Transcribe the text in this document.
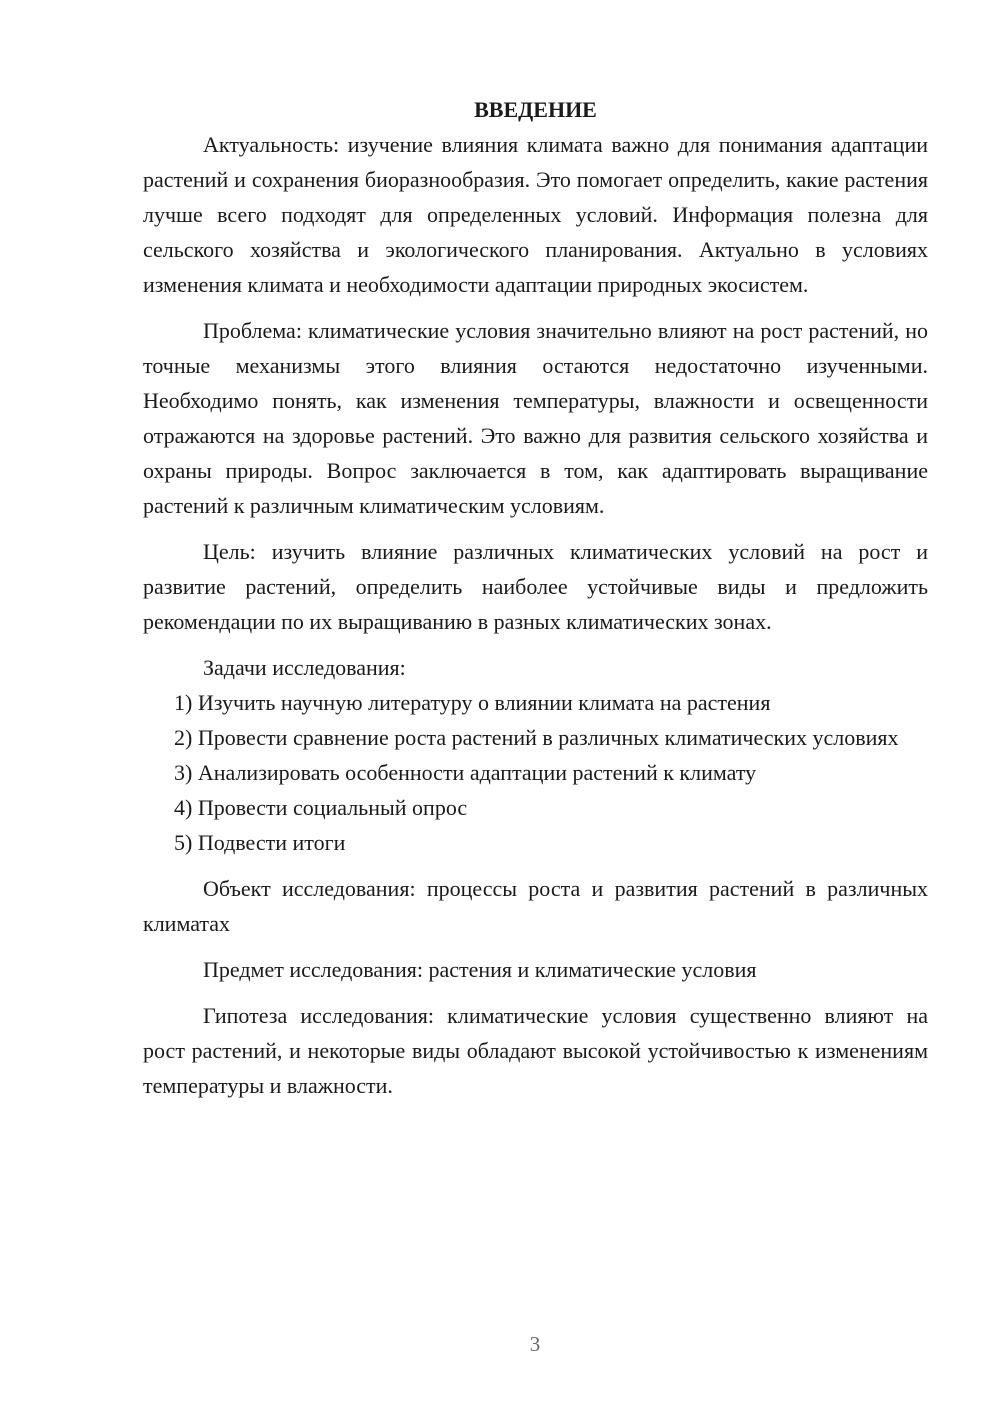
ВВЕДЕНИЕ

Актуальность: изучение влияния климата важно для понимания адаптации растений и сохранения биоразнообразия. Это помогает определить, какие растения лучше всего подходят для определенных условий. Информация полезна для сельского хозяйства и экологического планирования. Актуально в условиях изменения климата и необходимости адаптации природных экосистем.

Проблема: климатические условия значительно влияют на рост растений, но точные механизмы этого влияния остаются недостаточно изученными. Необходимо понять, как изменения температуры, влажности и освещенности отражаются на здоровье растений. Это важно для развития сельского хозяйства и охраны природы. Вопрос заключается в том, как адаптировать выращивание растений к различным климатическим условиям.

Цель: изучить влияние различных климатических условий на рост и развитие растений, определить наиболее устойчивые виды и предложить рекомендации по их выращиванию в разных климатических зонах.

Задачи исследования:

1) Изучить научную литературу о влиянии климата на растения

2) Провести сравнение роста растений в различных климатических условиях

3) Анализировать особенности адаптации растений к климату

4) Провести социальный опрос

5) Подвести итоги

Объект исследования: процессы роста и развития растений в различных климатах

Предмет исследования: растения и климатические условия

Гипотеза исследования: климатические условия существенно влияют на рост растений, и некоторые виды обладают высокой устойчивостью к изменениям температуры и влажности.

3
